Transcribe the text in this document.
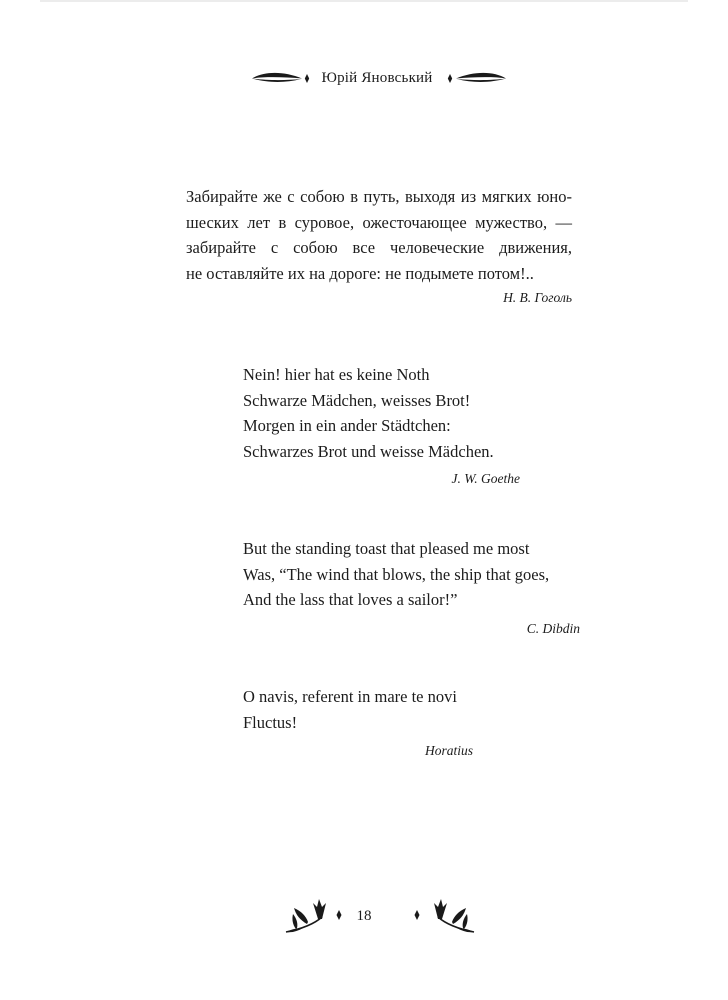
Юрій Яновський
Забирайте же с собою в путь, выходя из мягких юно-
шеских лет в суровое, ожесточающее мужество, —
забирайте с собою все человеческие движения,
не оставляйте их на дороге: не подымете потом!..
Н. В. Гоголь
Nein! hier hat es keine Noth
Schwarze Mädchen, weisses Brot!
Morgen in ein ander Städtchen:
Schwarzes Brot und weisse Mädchen.
J. W. Goethe
But the standing toast that pleased me most
Was, “The wind that blows, the ship that goes,
And the lass that loves a sailor!”
C. Dibdin
O navis, referent in mare te novi
Fluctus!
Horatius
18
